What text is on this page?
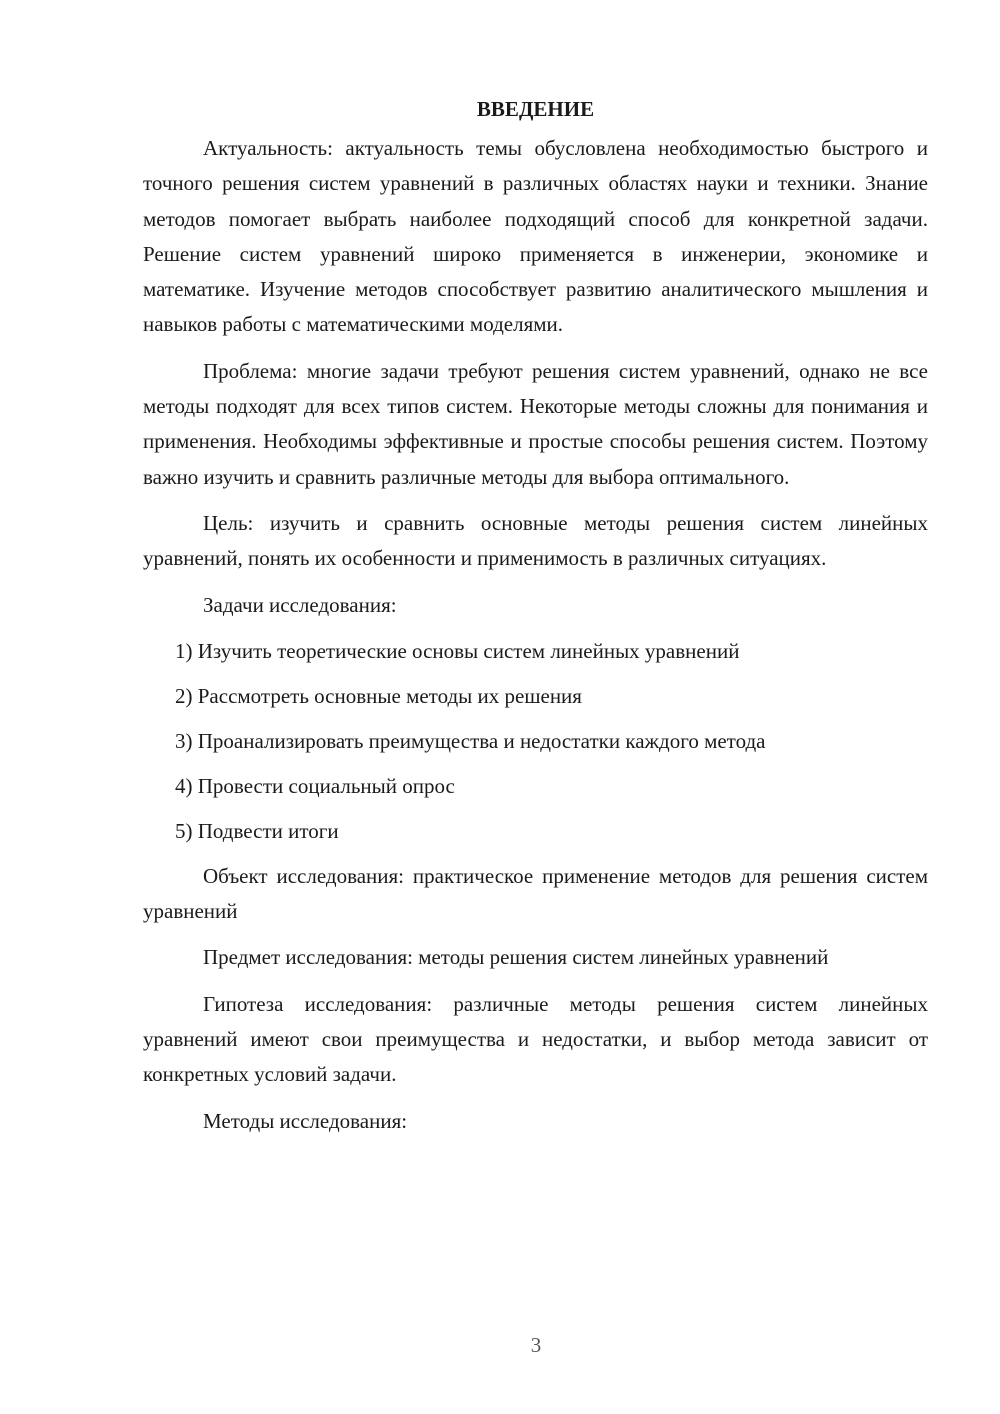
ВВЕДЕНИЕ

Актуальность: актуальность темы обусловлена необходимостью быстрого и точного решения систем уравнений в различных областях науки и техники. Знание методов помогает выбрать наиболее подходящий способ для конкретной задачи. Решение систем уравнений широко применяется в инженерии, экономике и математике. Изучение методов способствует развитию аналитического мышления и навыков работы с математическими моделями.

Проблема: многие задачи требуют решения систем уравнений, однако не все методы подходят для всех типов систем. Некоторые методы сложны для понимания и применения. Необходимы эффективные и простые способы решения систем. Поэтому важно изучить и сравнить различные методы для выбора оптимального.

Цель: изучить и сравнить основные методы решения систем линейных уравнений, понять их особенности и применимость в различных ситуациях.

Задачи исследования:

1) Изучить теоретические основы систем линейных уравнений
2) Рассмотреть основные методы их решения
3) Проанализировать преимущества и недостатки каждого метода
4) Провести социальный опрос
5) Подвести итоги

Объект исследования: практическое применение методов для решения систем уравнений

Предмет исследования: методы решения систем линейных уравнений

Гипотеза исследования: различные методы решения систем линейных уравнений имеют свои преимущества и недостатки, и выбор метода зависит от конкретных условий задачи.

Методы исследования:

3
